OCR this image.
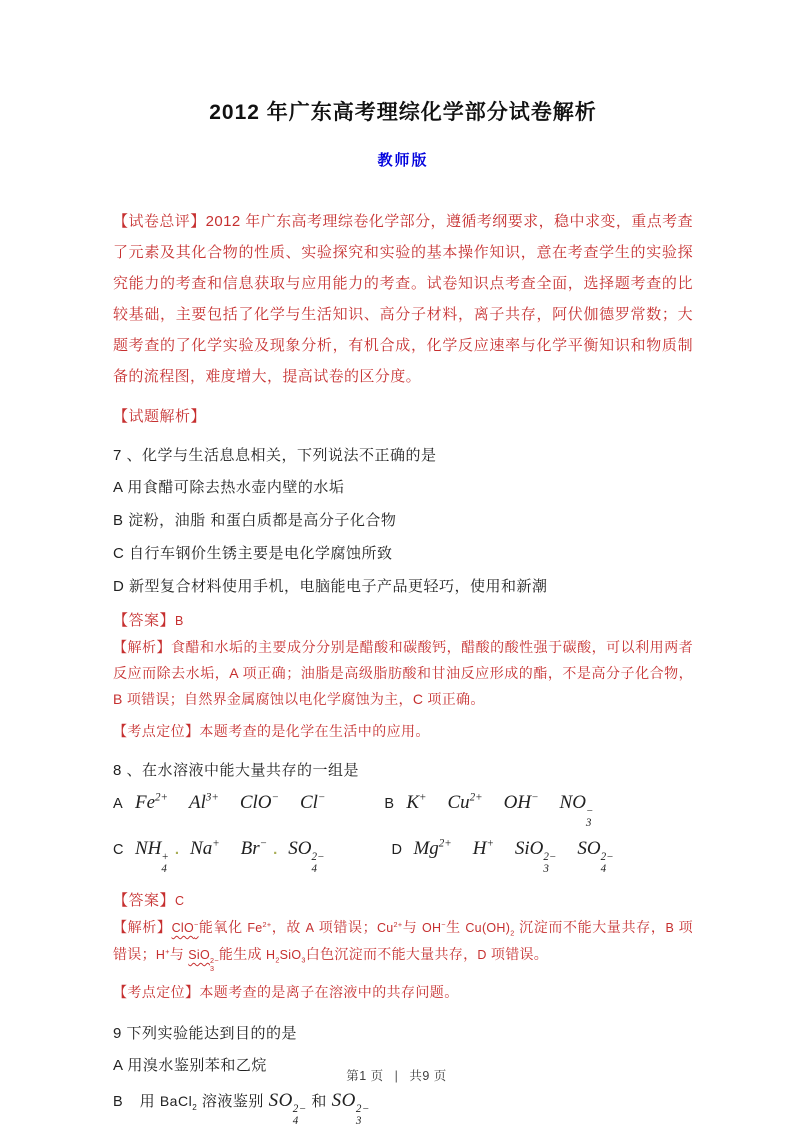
2012 年广东高考理综化学部分试卷解析
教师版

【试卷总评】2012 年广东高考理综卷化学部分，遵循考纲要求，稳中求变，重点考查了元素及其化合物的性质、实验探究和实验的基本操作知识，意在考查学生的实验探究能力的考查和信息获取与应用能力的考查。试卷知识点考查全面，选择题考查的比较基础，主要包括了化学与生活知识、高分子材料，离子共存，阿伏伽德罗常数；大题考查的了化学实验及现象分析，有机合成，化学反应速率与化学平衡知识和物质制备的流程图，难度增大，提高试卷的区分度。

【试题解析】
7 、化学与生活息息相关，下列说法不正确的是
A 用食醋可除去热水壶内壁的水垢
B 淀粉，油脂 和蛋白质都是高分子化合物
C 自行车钢价生锈主要是电化学腐蚀所致
D 新型复合材料使用手机，电脑能电子产品更轻巧，使用和新潮
【答案】B
【解析】食醋和水垢的主要成分分别是醋酸和碳酸钙，醋酸的酸性强于碳酸，可以利用两者反应而除去水垢，A 项正确；油脂是高级脂肪酸和甘油反应形成的酯，不是高分子化合物，B 项错误；自然界金属腐蚀以电化学腐蚀为主，C 项正确。
【考点定位】本题考查的是化学在生活中的应用。
8 、在水溶液中能大量共存的一组是
A $Fe^{2+}$ $Al^{3+}$ ClO− Cl−	B K+ $Cu^{2+}$ OH− NO −
3
C NH +
4
. Na+ Br− . SO 2−
4
D $Mg^{2+}$ H+ SiO 2−
3
SO 2−
4
【答案】C
【解析】ClO−能氧化 $Fe^{2+}$，故 A 项错误；$Cu^{2+}$与 OH−生 $Cu(OH)_2$ 沉淀而不能大量共存，B 项错误；H+与 SiO 2−
3
能生成 $H_2SiO_3$白色沉淀而不能大量共存，D 项错误。
【考点定位】本题考查的是离子在溶液中的共存问题。
9 下列实验能达到目的的是
A 用溴水鉴别苯和乙烷
B 用 BaCl$_2$ 溶液鉴别 SO 2−
4
和 SO 2−
3
第1 页 | 共9 页
